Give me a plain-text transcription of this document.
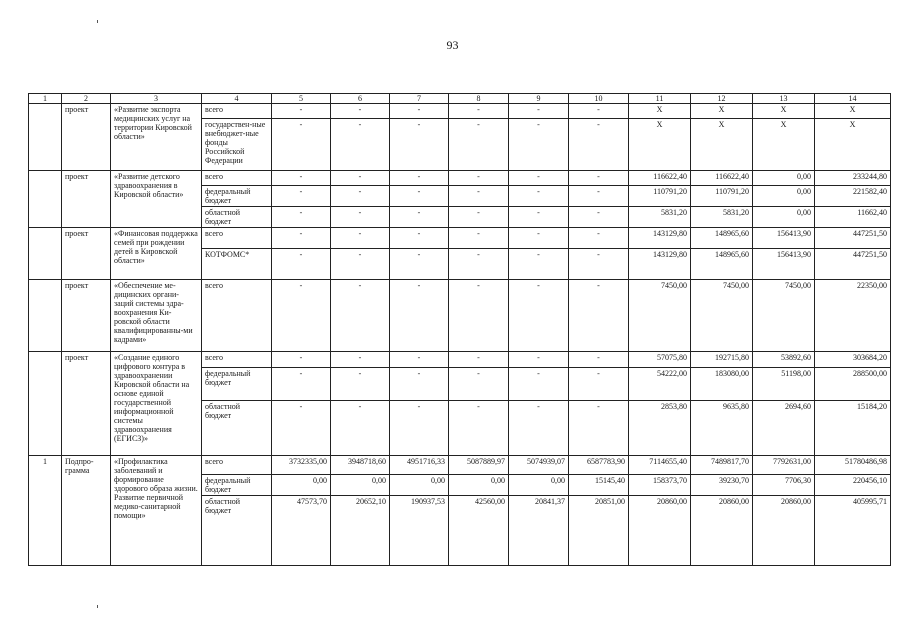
93
1	2	3	4	5	6	7	8	9	10	11	12	13	14
	проект	«Развитие экспорта медицинских услуг на территории Кировской области»	всего	-	-	-	-	-	-	X	X	X	X
			государствен-ные внебюджет-ные фонды Российской Федерации	-	-	-	-	-	-	X	X	X	X
	проект	«Развитие детского здравоохранения в Кировской области»	всего	-	-	-	-	-	-	116622,40	116622,40	0,00	233244,80
			федеральный бюджет	-	-	-	-	-	-	110791,20	110791,20	0,00	221582,40
			областной бюджет	-	-	-	-	-	-	5831,20	5831,20	0,00	11662,40
	проект	«Финансовая поддержка семей при рождении детей в Кировской области»	всего	-	-	-	-	-	-	143129,80	148965,60	156413,90	447251,50
			КОТФОМС*	-	-	-	-	-	-	143129,80	148965,60	156413,90	447251,50
	проект	«Обеспечение ме-дицинских органи-заций системы здра-воохранения Ки-ровской области квалифицированны-ми кадрами»	всего	-	-	-	-	-	-	7450,00	7450,00	7450,00	22350,00
	проект	«Создание единого цифрового контура в здравоохранении Кировской области на основе единой государственной информационной системы здравоохранения (ЕГИСЗ)»	всего	-	-	-	-	-	-	57075,80	192715,80	53892,60	303684,20
			федеральный бюджет	-	-	-	-	-	-	54222,00	183080,00	51198,00	288500,00
			областной бюджет	-	-	-	-	-	-	2853,80	9635,80	2694,60	15184,20
1	Подпро-грамма	«Профилактика заболеваний и формирование здорового образа жизни. Развитие первичной медико-санитарной помощи»	всего	3732335,00	3948718,60	4951716,33	5087889,97	5074939,07	6587783,90	7114655,40	7489817,70	7792631,00	51780486,98
			федеральный бюджет	0,00	0,00	0,00	0,00	0,00	15145,40	158373,70	39230,70	7706,30	220456,10
			областной бюджет	47573,70	20652,10	190937,53	42560,00	20841,37	20851,00	20860,00	20860,00	20860,00	405995,71
